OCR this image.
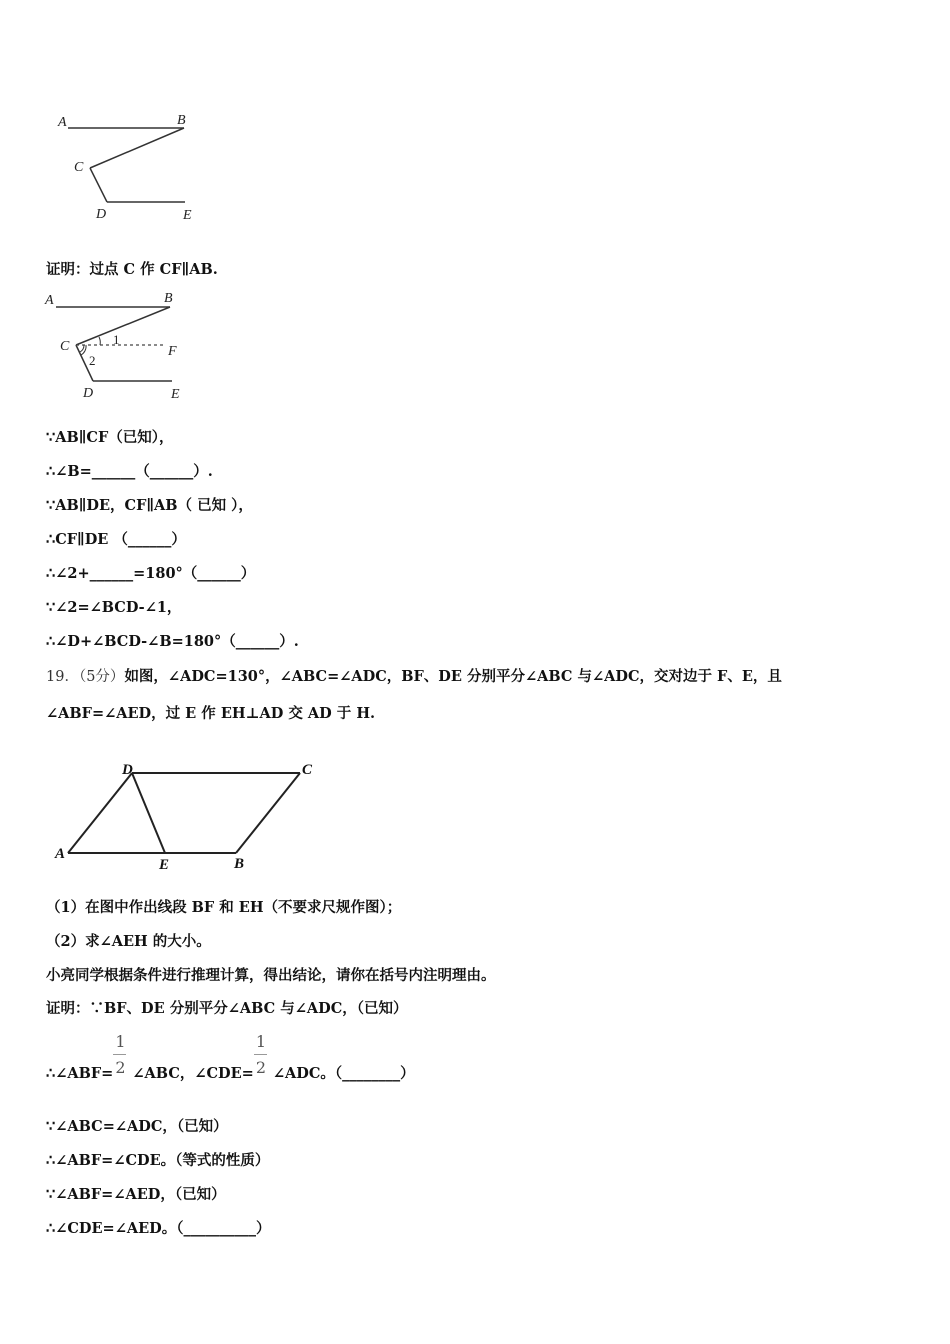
A	B
C
D	E
证明：过点 C 作 CF∥AB.
A	B
C	1
2
F
D	E
∵AB∥CF（已知），
∴∠B=______（______）.
∵AB∥DE，CF∥AB（ 已知 ），
∴CF∥DE （______）
∴∠2+______=180°（______）
∵∠2=∠BCD-∠1，
∴∠D+∠BCD-∠B=180°（______）.
19．（5分）如图，∠ADC=130°，∠ABC=∠ADC，BF、DE 分别平分∠ABC 与∠ADC，交对边于 F、E，且
∠ABF=∠AED，过 E 作 EH⊥AD 交 AD 于 H.
D	C
A
E	B
（1）在图中作出线段 BF 和 EH（不要求尺规作图）；
（2）求∠AEH 的大小。
小亮同学根据条件进行推理计算，得出结论，请你在括号内注明理由。
证明：∵BF、DE 分别平分∠ABC 与∠ADC，（已知）
∴∠ABF= $\frac{1}{2}$ ∠ABC，∠CDE= $\frac{1}{2}$ ∠ADC。（________）
∵∠ABC=∠ADC，（已知）
∴∠ABF=∠CDE。（等式的性质）
∵∠ABF=∠AED，（已知）
∴∠CDE=∠AED。（__________）
